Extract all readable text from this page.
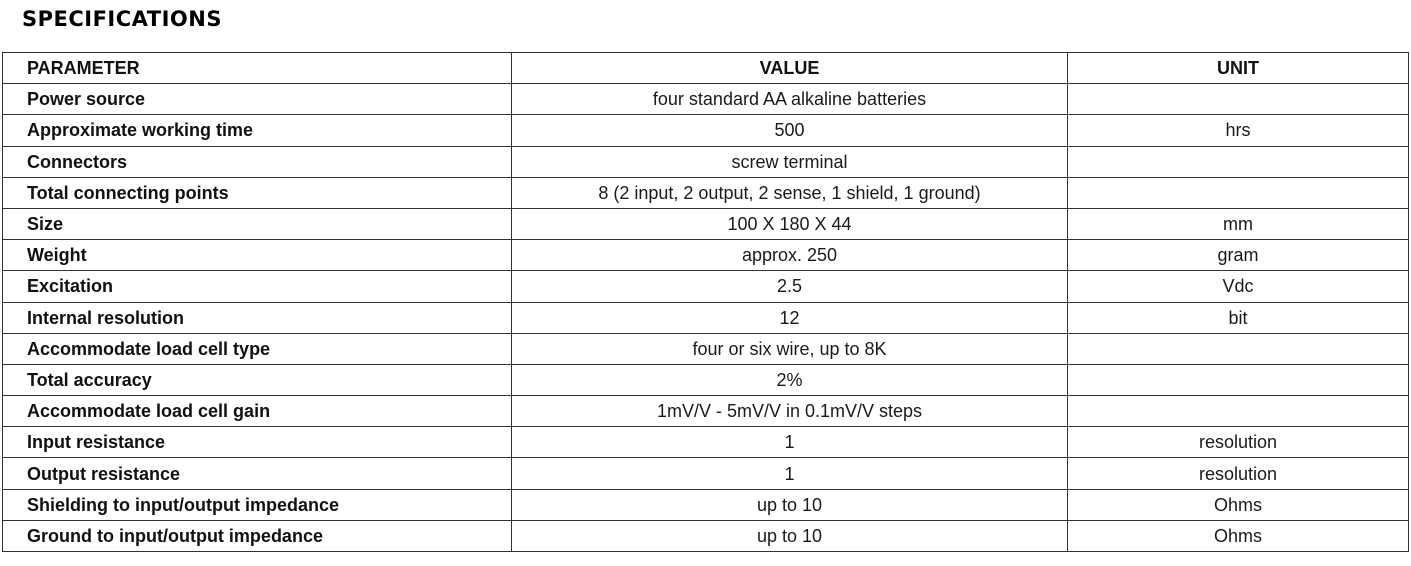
SPECIFICATIONS
PARAMETER	VALUE	UNIT
Power source	four standard AA alkaline batteries	
Approximate working time	500	hrs
Connectors	screw terminal	
Total connecting points	8 (2 input, 2 output, 2 sense, 1 shield, 1 ground)	
Size	100 X 180 X 44	mm
Weight	approx. 250	gram
Excitation	2.5	Vdc
Internal resolution	12	bit
Accommodate load cell type	four or six wire, up to 8K	
Total accuracy	2%	
Accommodate load cell gain	1mV/V - 5mV/V in 0.1mV/V steps	
Input resistance	1	resolution
Output resistance	1	resolution
Shielding to input/output impedance	up to 10	Ohms
Ground to input/output impedance	up to 10	Ohms
